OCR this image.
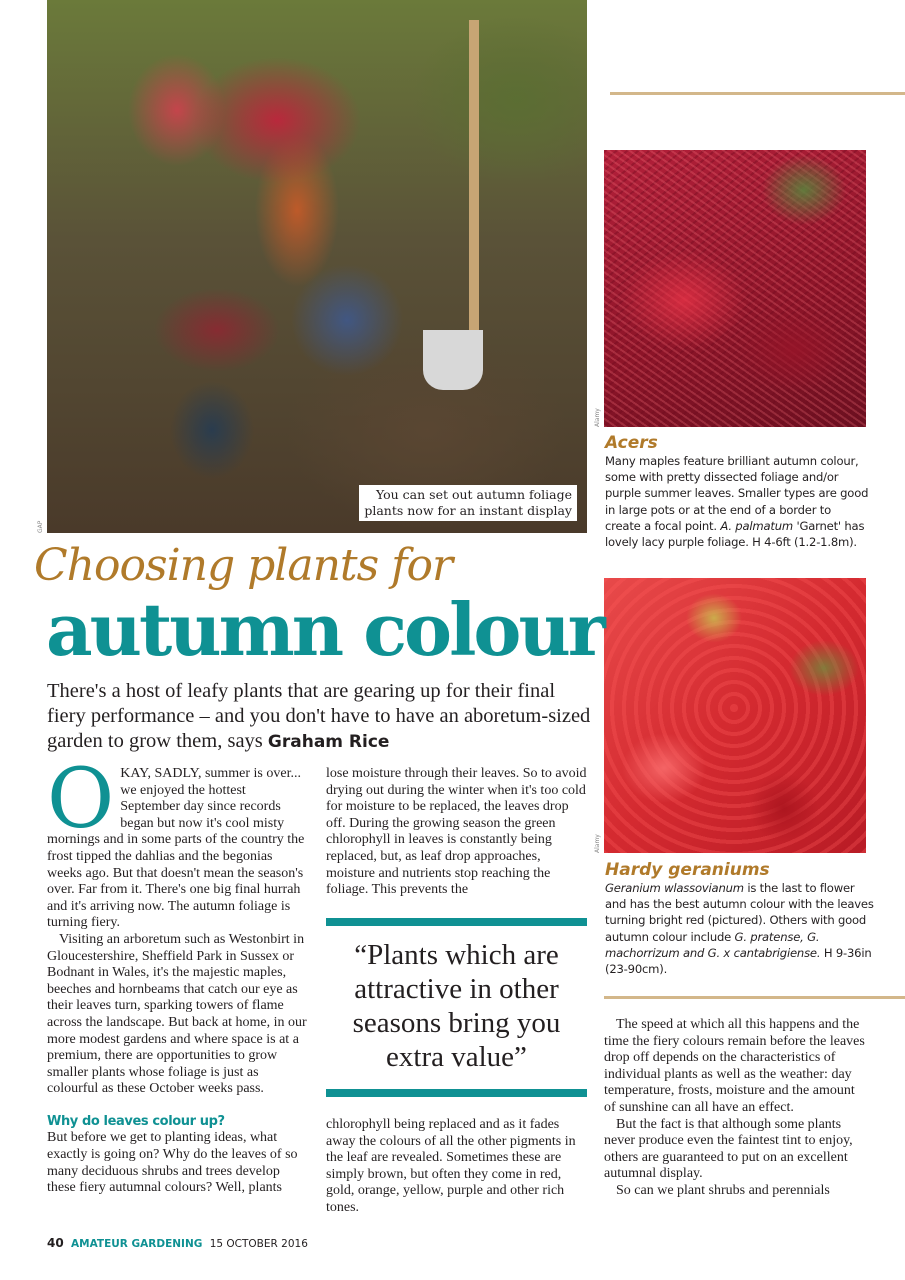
You can set out autumn foliage
plants now for an instant display
GAP
Alamy
Acers
Many maples feature brilliant autumn colour, some with pretty dissected foliage and/or purple summer leaves. Smaller types are good in large pots or at the end of a border to create a focal point. A. palmatum 'Garnet' has lovely lacy purple foliage. H 4-6ft (1.2-1.8m).
Alamy
Hardy geraniums
Geranium wlassovianum is the last to flower and has the best autumn colour with the leaves turning bright red (pictured). Others with good autumn colour include G. pratense, G. machorrizum and G. x cantabrigiense. H 9-36in (23-90cm).
Choosing plants for
autumn colour
There's a host of leafy plants that are gearing up for their final fiery performance – and you don't have to have an aboretum-sized garden to grow them, says Graham Rice

OKAY, SADLY, summer is over... we enjoyed the hottest September day since records began but now it's cool misty mornings and in some parts of the country the frost tipped the dahlias and the begonias weeks ago. But that doesn't mean the season's over. Far from it. There's one big final hurrah and it's arriving now. The autumn foliage is turning fiery.

Visiting an arboretum such as Westonbirt in Gloucestershire, Sheffield Park in Sussex or Bodnant in Wales, it's the majestic maples, beeches and hornbeams that catch our eye as their leaves turn, sparking towers of flame across the landscape. But back at home, in our more modest gardens and where space is at a premium, there are opportunities to grow smaller plants whose foliage is just as colourful as these October weeks pass.

Why do leaves colour up?
But before we get to planting ideas, what exactly is going on? Why do the leaves of so many deciduous shrubs and trees develop these fiery autumnal colours? Well, plants

lose moisture through their leaves. So to avoid drying out during the winter when it's too cold for moisture to be replaced, the leaves drop off. During the growing season the green chlorophyll in leaves is constantly being replaced, but, as leaf drop approaches, moisture and nutrients stop reaching the foliage. This prevents the

“Plants which are attractive in other seasons bring you extra value”

chlorophyll being replaced and as it fades away the colours of all the other pigments in the leaf are revealed. Sometimes these are simply brown, but often they come in red, gold, orange, yellow, purple and other rich tones.

The speed at which all this happens and the time the fiery colours remain before the leaves drop off depends on the characteristics of individual plants as well as the weather: day temperature, frosts, moisture and the amount of sunshine can all have an effect.

But the fact is that although some plants never produce even the faintest tint to enjoy, others are guaranteed to put on an excellent autumnal display.

So can we plant shrubs and perennials

40 AMATEUR GARDENING 15 OCTOBER 2016
